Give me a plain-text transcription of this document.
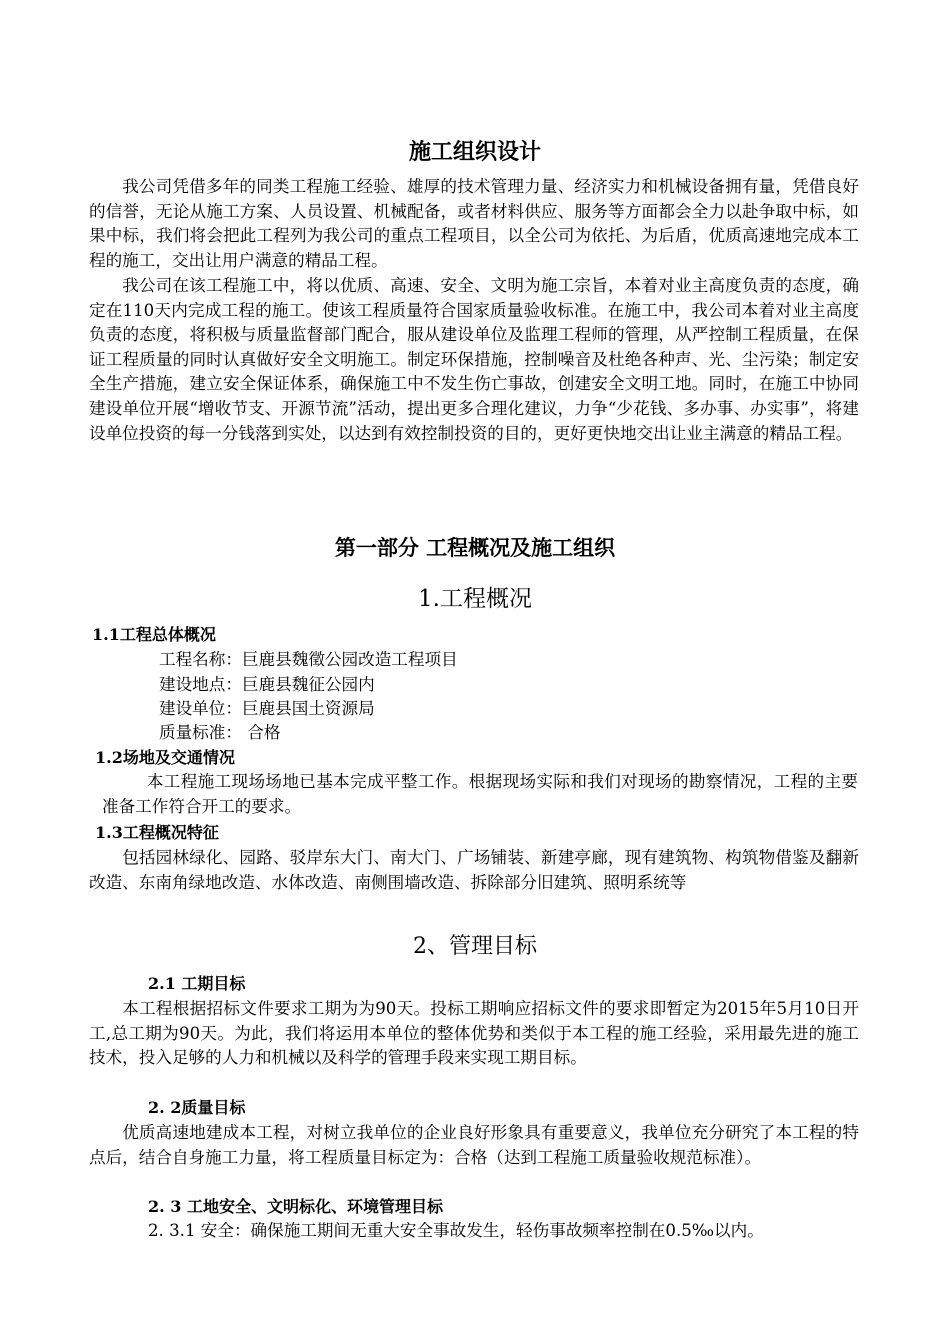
施工组织设计

我公司凭借多年的同类工程施工经验、雄厚的技术管理力量、经济实力和机械设备拥有量，凭借良好的信誉，无论从施工方案、人员设置、机械配备，或者材料供应、服务等方面都会全力以赴争取中标，如果中标，我们将会把此工程列为我公司的重点工程项目，以全公司为依托、为后盾，优质高速地完成本工程的施工，交出让用户满意的精品工程。

我公司在该工程施工中，将以优质、高速、安全、文明为施工宗旨，本着对业主高度负责的态度，确定在110天内完成工程的施工。使该工程质量符合国家质量验收标准。在施工中，我公司本着对业主高度负责的态度，将积极与质量监督部门配合，服从建设单位及监理工程师的管理，从严控制工程质量，在保证工程质量的同时认真做好安全文明施工。制定环保措施，控制噪音及杜绝各种声、光、尘污染；制定安全生产措施，建立安全保证体系，确保施工中不发生伤亡事故，创建安全文明工地。同时，在施工中协同建设单位开展“增收节支、开源节流”活动，提出更多合理化建议，力争“少花钱、多办事、办实事”，将建设单位投资的每一分钱落到实处，以达到有效控制投资的目的，更好更快地交出让业主满意的精品工程。

第一部分 工程概况及施工组织
1.工程概况
1.1工程总体概况
工程名称：巨鹿县魏徵公园改造工程项目
建设地点：巨鹿县魏征公园内
建设单位：巨鹿县国土资源局
质量标准： 合格
1.2场地及交通情况

本工程施工现场场地已基本完成平整工作。根据现场实际和我们对现场的勘察情况，工程的主要准备工作符合开工的要求。

1.3工程概况特征

包括园林绿化、园路、驳岸东大门、南大门、广场铺装、新建亭廊，现有建筑物、构筑物借鉴及翻新改造、东南角绿地改造、水体改造、南侧围墙改造、拆除部分旧建筑、照明系统等

2、管理目标
2.1 工期目标

本工程根据招标文件要求工期为为90天。投标工期响应招标文件的要求即暂定为2015年5月10日开工,总工期为90天。为此，我们将运用本单位的整体优势和类似于本工程的施工经验，采用最先进的施工技术，投入足够的人力和机械以及科学的管理手段来实现工期目标。

2. 2质量目标

优质高速地建成本工程，对树立我单位的企业良好形象具有重要意义，我单位充分研究了本工程的特点后，结合自身施工力量，将工程质量目标定为：合格（达到工程施工质量验收规范标准）。

2. 3 工地安全、文明标化、环境管理目标
2. 3.1 安全：确保施工期间无重大安全事故发生，轻伤事故频率控制在0.5‰以内。
